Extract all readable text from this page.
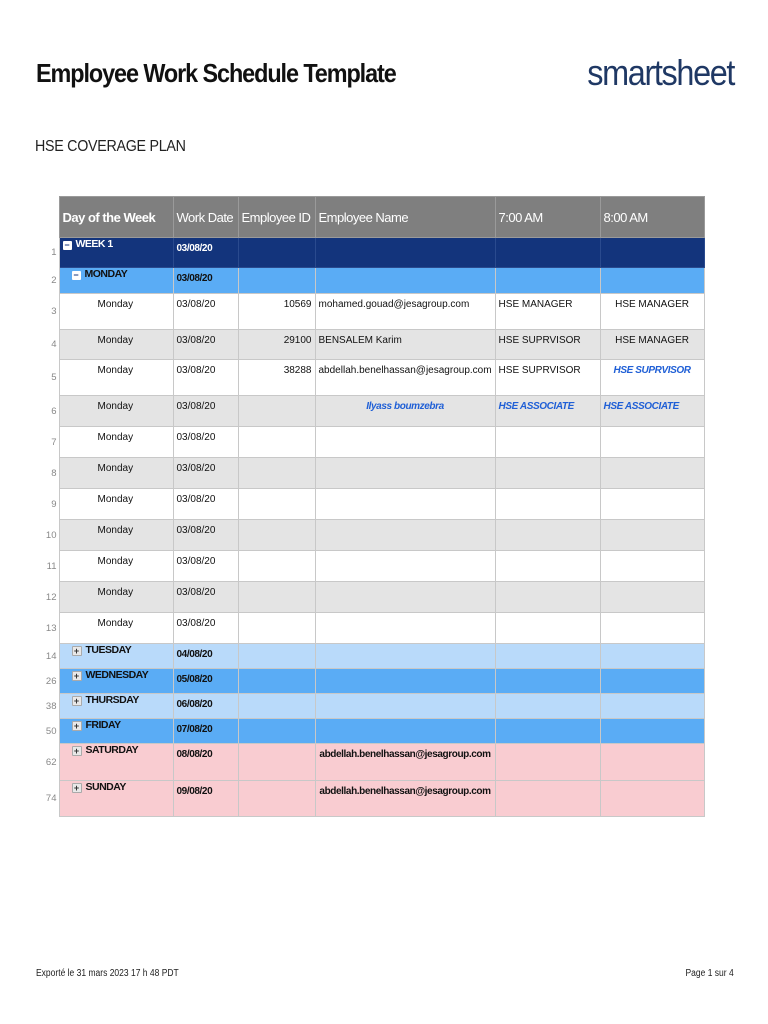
Employee Work Schedule Template	smartsheet
HSE COVERAGE PLAN
	Day of the Week	Work Date	Employee ID	Employee Name	7:00 AM	8:00 AM
1	− WEEK 1	03/08/20				

2	− MONDAY	03/08/20				

3	Monday	03/08/20	10569	mohamed.gouad@jesagroup.com	HSE MANAGER	HSE MANAGER

4	Monday	03/08/20	29100	BENSALEM Karim	HSE SUPRVISOR	HSE MANAGER

5	Monday	03/08/20	38288	abdellah.benelhassan@jesagroup.com	HSE SUPRVISOR	HSE SUPRVISOR

6	Monday	03/08/20		Ilyass boumzebra	HSE ASSOCIATE	HSE ASSOCIATE

7	Monday	03/08/20				

8	Monday	03/08/20				

9	Monday	03/08/20				

10	Monday	03/08/20				

11	Monday	03/08/20				

12	Monday	03/08/20				

13	Monday	03/08/20				

14	+ TUESDAY	04/08/20				

26	+ WEDNESDAY	05/08/20				

38	+ THURSDAY	06/08/20				

50	+ FRIDAY	07/08/20				

62	+ SATURDAY	08/08/20		abdellah.benelhassan@jesagroup.com		

74	+ SUNDAY	09/08/20		abdellah.benelhassan@jesagroup.com		

Exporté le 31 mars 2023 17 h 48 PDT	Page 1 sur 4
